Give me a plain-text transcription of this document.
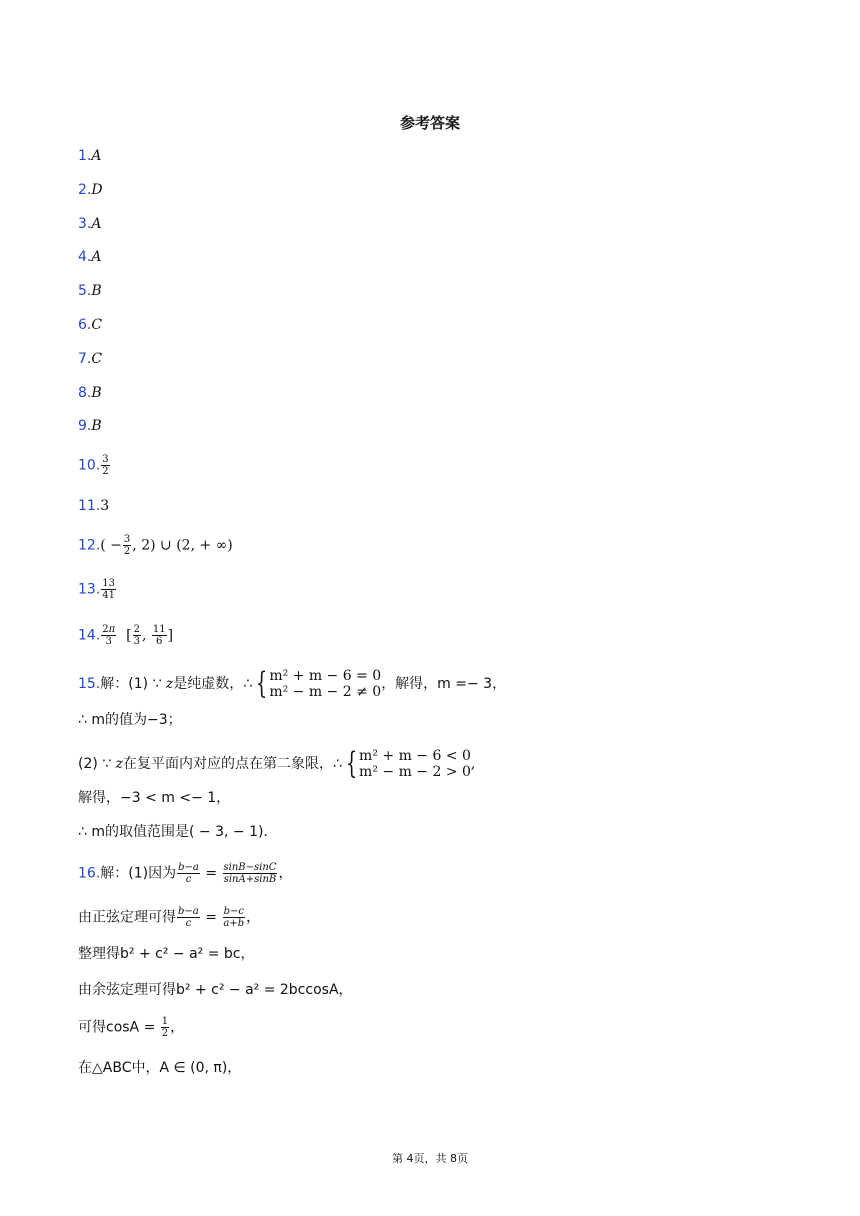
参考答案
1.A
2.D
3.A
4.A
5.B
6.C
7.C
8.B
9.B
10. $\frac{3}{2}$
11.3
$12.( - \frac{3}{2}$ , 2) ∪ (2, + ∞)
13. $\frac{13}{41}$
14. $\frac{2\pi}{3}$ [ $\frac{2}{3}$ , $\frac{11}{6}$ ]
15.解：(1) ∵ z是纯虚数，∴ { m² + m − 6 = 0
m² − m − 2 ≠ 0 ，解得，m =− 3，
∴ m的值为−3；
(2) ∵ z在复平面内对应的点在第二象限，∴ { m² + m − 6 < 0
m² − m − 2 > 0 ,
解得，−3 < m <− 1，
∴ m的取值范围是( − 3, − 1)．
16.解：(1)因为 $\frac{b-a}{c} = \frac{\sin B-\sin C}{\sin A+\sin B}$ ，
由正弦定理可得 $\frac{b-a}{c} = \frac{b-c}{a+b}$ ，
整理得b² + c² − a² = bc，
由余弦定理可得b² + c² − a² = 2bccosA，
可得$\cos A = \frac{1}{2}$ ，
在△ABC中，A ∈ (0, π)，
第 4页，共 8页
